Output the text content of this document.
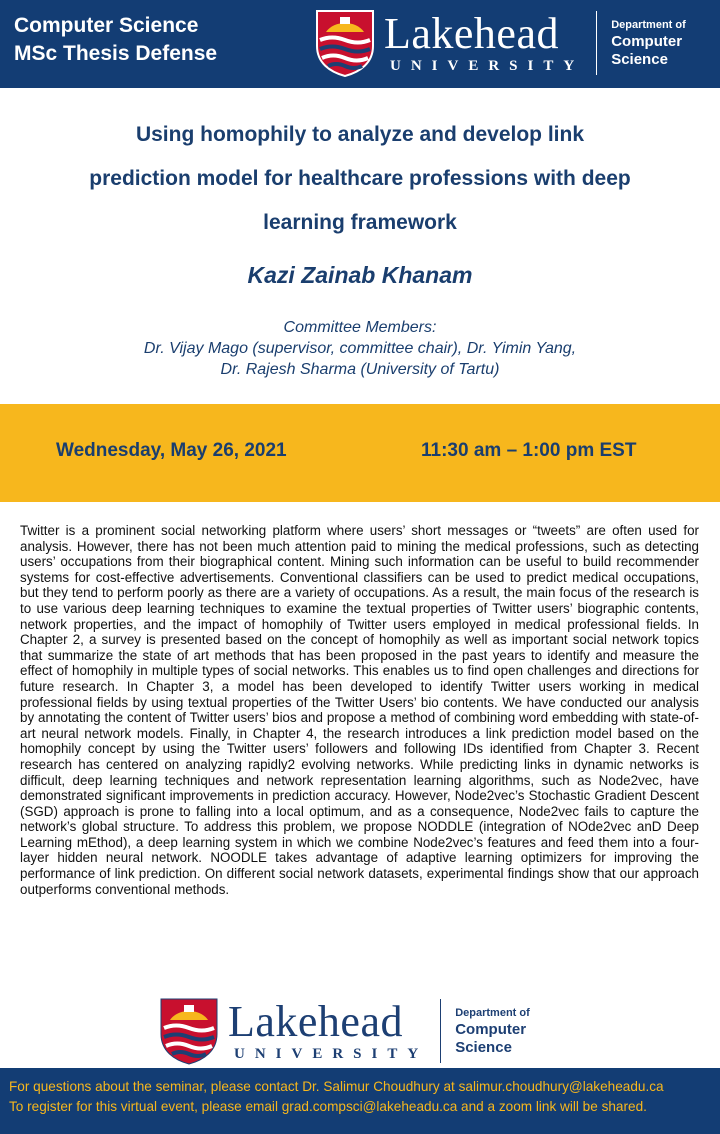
Computer Science
MSc Thesis Defense	Lakehead
UNIVERSITY
Department of
Computer
Science
Using homophily to analyze and develop link
prediction model for healthcare professions with deep
learning framework
Kazi Zainab Khanam
Committee Members:
Dr. Vijay Mago (supervisor, committee chair), Dr. Yimin Yang,
Dr. Rajesh Sharma (University of Tartu)
Wednesday, May 26, 2021	11:30 am – 1:00 pm EST
Twitter is a prominent social networking platform where users’ short messages or “tweets” are often used for analysis. However, there has not been much attention paid to mining the medical professions, such as detecting users’ occupations from their biographical content. Mining such information can be useful to build recommender systems for cost-effective advertisements. Conventional classifiers can be used to predict medical occupations, but they tend to perform poorly as there are a variety of occupations. As a result, the main focus of the research is to use various deep learning techniques to examine the textual properties of Twitter users’ biographic contents, network properties, and the impact of homophily of Twitter users employed in medical professional fields. In Chapter 2, a survey is presented based on the concept of homophily as well as important social network topics that summarize the state of art methods that has been proposed in the past years to identify and measure the effect of homophily in multiple types of social networks. This enables us to find open challenges and directions for future research. In Chapter 3, a model has been developed to identify Twitter users working in medical professional fields by using textual properties of the Twitter Users’ bio contents. We have conducted our analysis by annotating the content of Twitter users’ bios and propose a method of combining word embedding with state-of-art neural network models. Finally, in Chapter 4, the research introduces a link prediction model based on the homophily concept by using the Twitter users’ followers and following IDs identified from Chapter 3. Recent research has centered on analyzing rapidly2 evolving networks. While predicting links in dynamic networks is difficult, deep learning techniques and network representation learning algorithms, such as Node2vec, have demonstrated significant improvements in prediction accuracy. However, Node2vec’s Stochastic Gradient Descent (SGD) approach is prone to falling into a local optimum, and as a consequence, Node2vec fails to capture the network’s global structure. To address this problem, we propose NODDLE (integration of NOde2vec anD Deep Learning mEthod), a deep learning system in which we combine Node2vec’s features and feed them into a four-layer hidden neural network. NOODLE takes advantage of adaptive learning optimizers for improving the performance of link prediction. On different social network datasets, experimental findings show that our approach outperforms conventional methods.
Lakehead
UNIVERSITY
Department of
Computer
Science
For questions about the seminar, please contact Dr. Salimur Choudhury at salimur.choudhury@lakeheadu.ca
To register for this virtual event, please email grad.compsci@lakeheadu.ca and a zoom link will be shared.
